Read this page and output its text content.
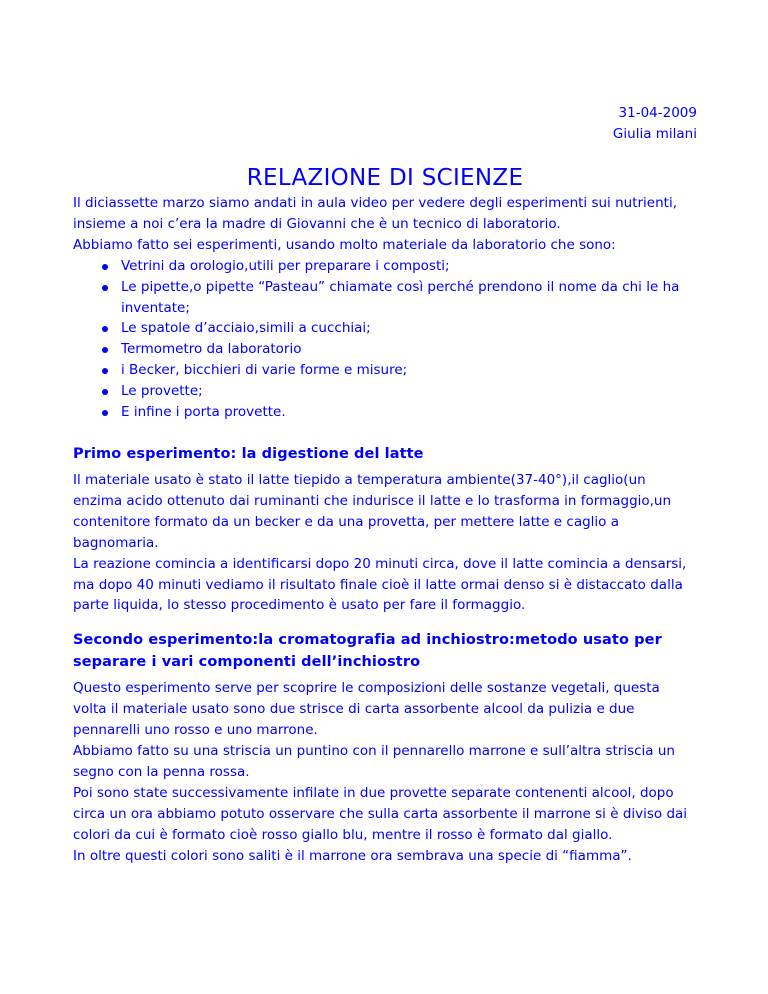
31-04-2009
Giulia milani
RELAZIONE DI SCIENZE

Il diciassette marzo siamo andati in aula video per vedere degli esperimenti sui nutrienti, insieme a noi c’era la madre di Giovanni che è un tecnico di laboratorio.

Abbiamo fatto sei esperimenti, usando molto materiale da laboratorio che sono:

Vetrini da orologio,utili per preparare i composti;
Le pipette,o pipette “Pasteau” chiamate così perché prendono il nome da chi le ha inventate;
Le spatole d’acciaio,simili a cucchiai;
Termometro da laboratorio
i Becker, bicchieri di varie forme e misure;
Le provette;
E infine i porta provette.
Primo esperimento: la digestione del latte

Il materiale usato è stato il latte tiepido a temperatura ambiente(37-40°),il caglio(un enzima acido ottenuto dai ruminanti che indurisce il latte e lo trasforma in formaggio,un contenitore formato da un becker e da una provetta, per mettere latte e caglio a bagnomaria.

La reazione comincia a identificarsi dopo 20 minuti circa, dove il latte comincia a densarsi, ma dopo 40 minuti vediamo il risultato finale cioè il latte ormai denso si è distaccato dalla parte liquida, lo stesso procedimento è usato per fare il formaggio.

Secondo esperimento:la cromatografia ad inchiostro:metodo usato per separare i vari componenti dell’inchiostro

Questo esperimento serve per scoprire le composizioni delle sostanze vegetali, questa volta il materiale usato sono due strisce di carta assorbente alcool da pulizia e due pennarelli uno rosso e uno marrone.

Abbiamo fatto su una striscia un puntino con il pennarello marrone e sull’altra striscia un segno con la penna rossa.

Poi sono state successivamente infilate in due provette separate contenenti alcool, dopo circa un ora abbiamo potuto osservare che sulla carta assorbente il marrone si è diviso dai colori da cui è formato cioè rosso giallo blu, mentre il rosso è formato dal giallo.

In oltre questi colori sono saliti è il marrone ora sembrava una specie di “fiamma”.
